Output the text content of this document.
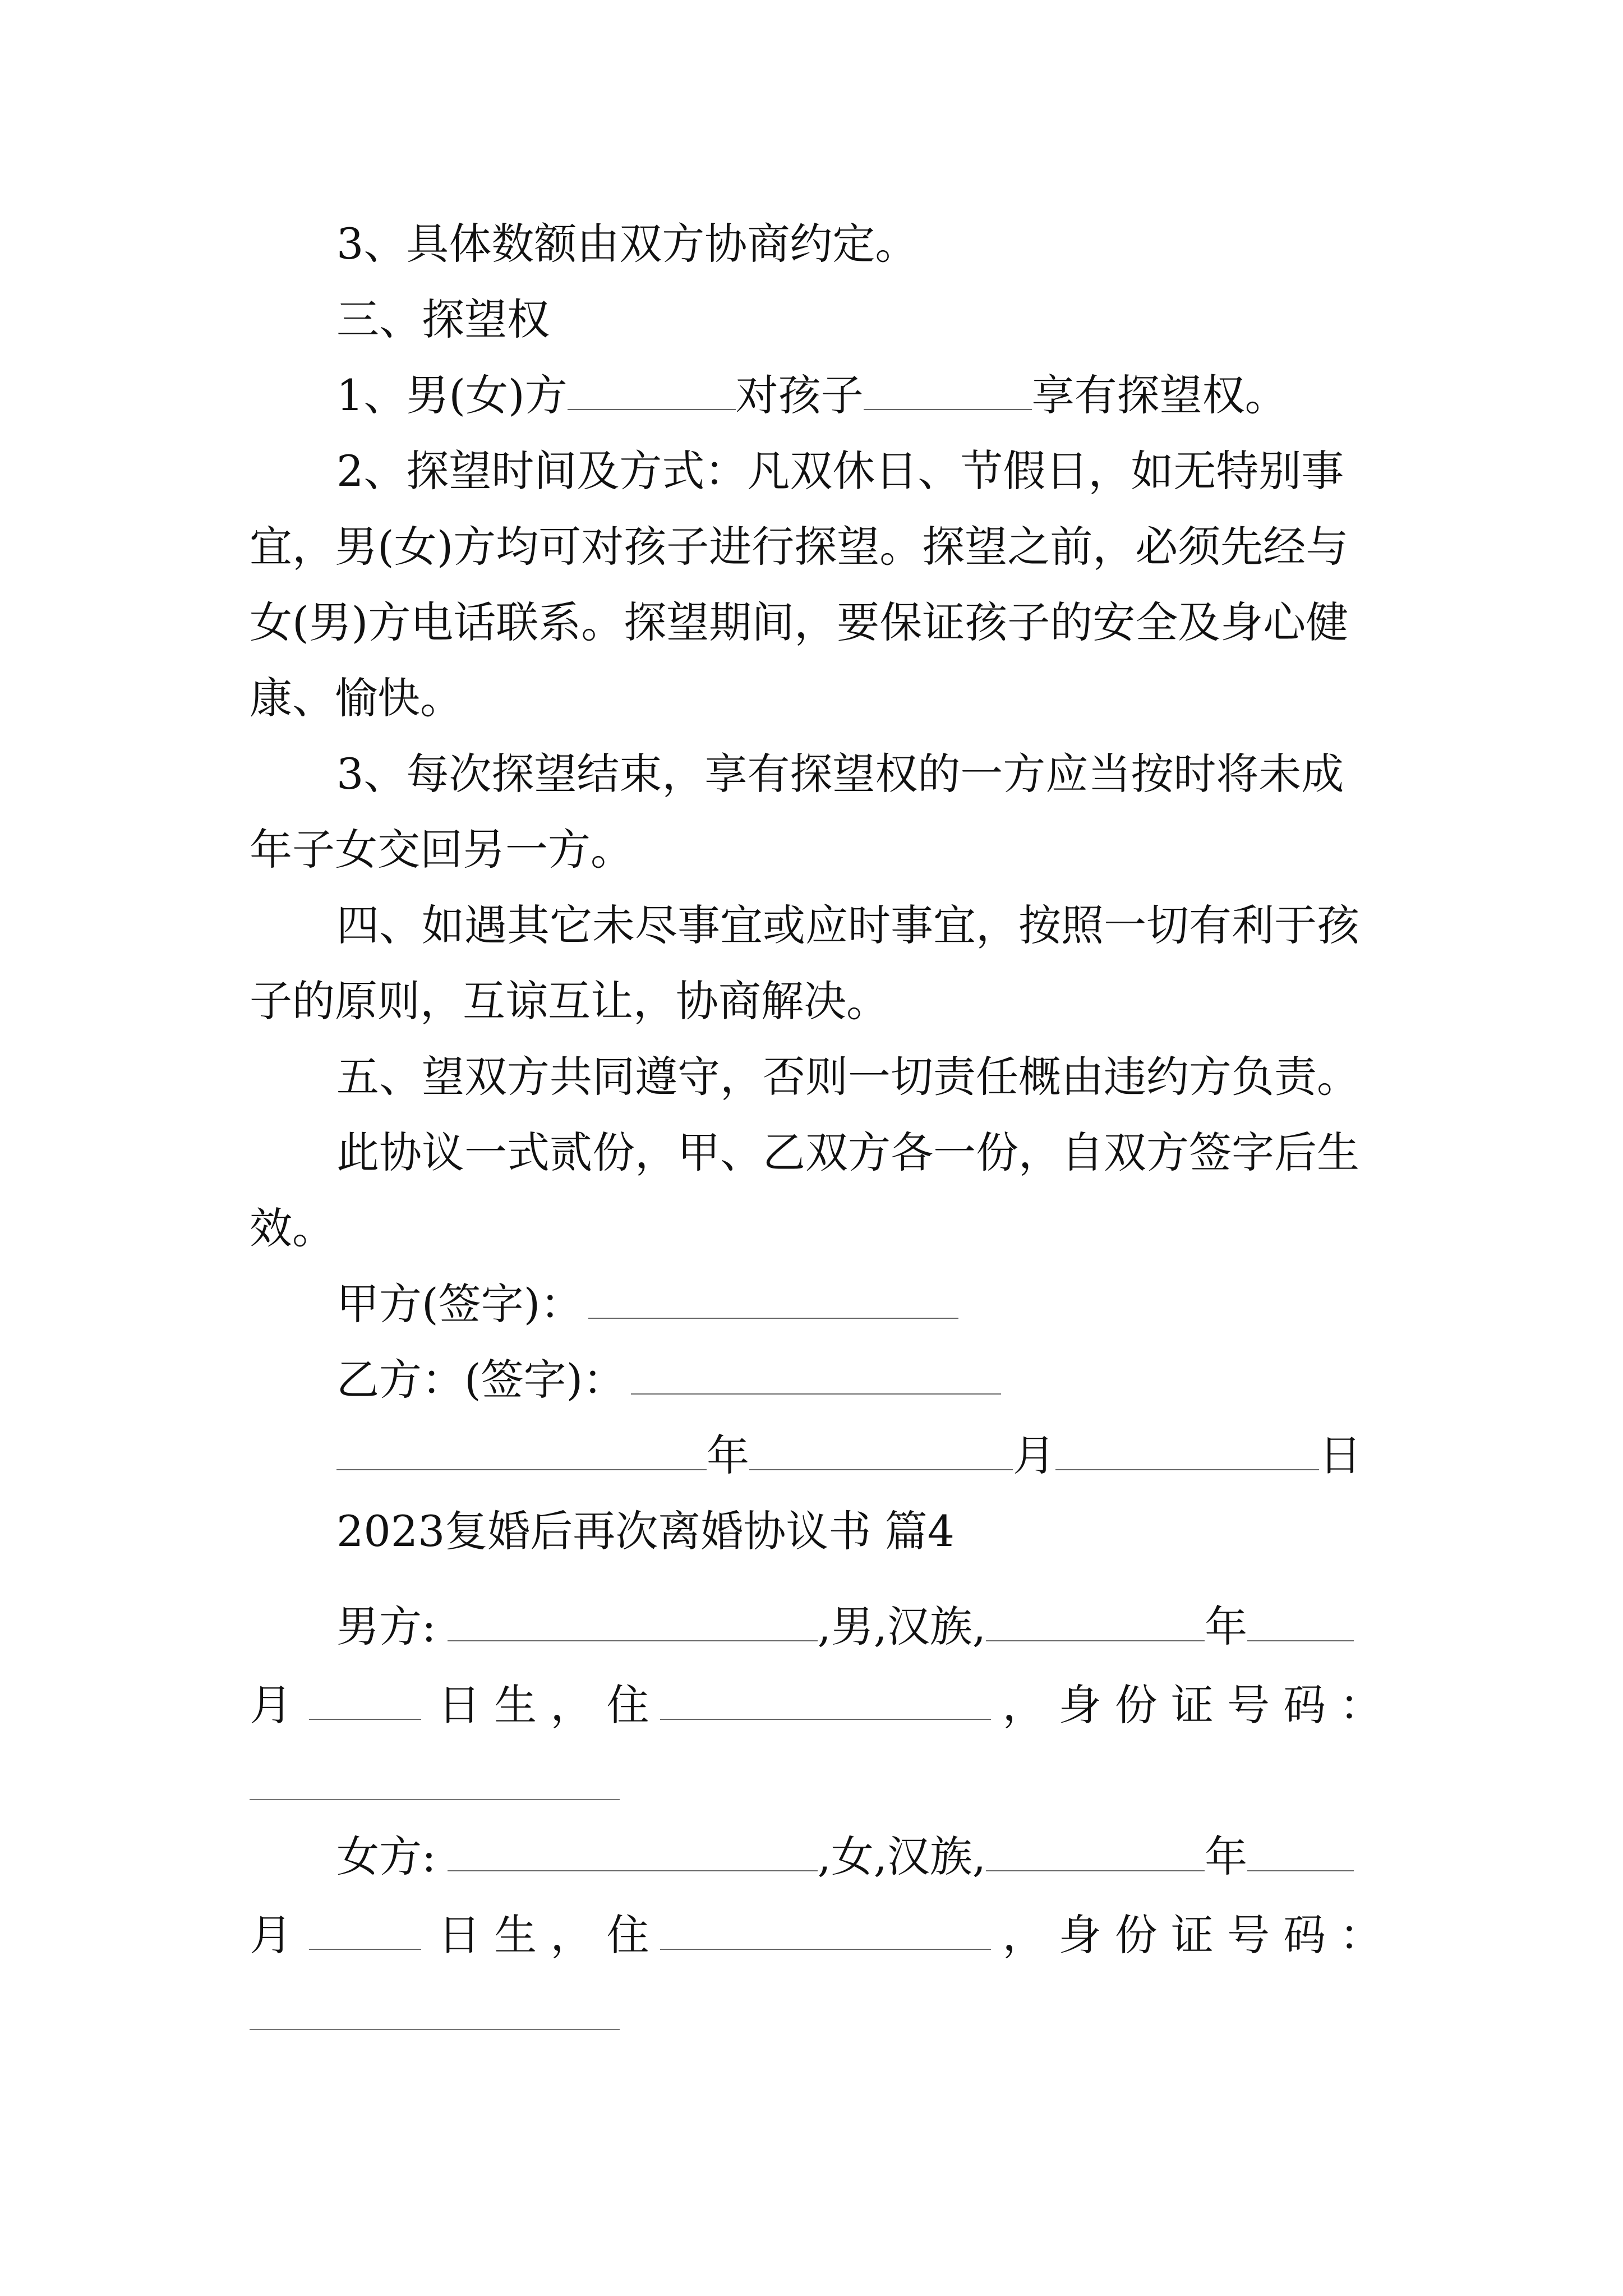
3、具体数额由双方协商约定。
三、探望权
1、男(女)方	对孩子	享有探望权。
2、探望时间及方式：凡双休日、节假日，如无特别事
宜，男(女)方均可对孩子进行探望。探望之前，必须先经与
女(男)方电话联系。探望期间，要保证孩子的安全及身心健
康、愉快。
3、每次探望结束，享有探望权的一方应当按时将未成
年子女交回另一方。
四、如遇其它未尽事宜或应时事宜，按照一切有利于孩
子的原则，互谅互让，协商解决。
五、望双方共同遵守，否则一切责任概由违约方负责。
此协议一式贰份，甲、乙双方各一份，自双方签字后生
效。
甲方(签字)：
乙方：(签字)：
年	月	日
2023复婚后再次离婚协议书 篇4
男方:	,男,汉族,	年
月	日 生 ， 住	， 身 份 证 号 码 ：
女方:	,女,汉族,	年
月	日 生 ， 住	， 身 份 证 号 码 ：
